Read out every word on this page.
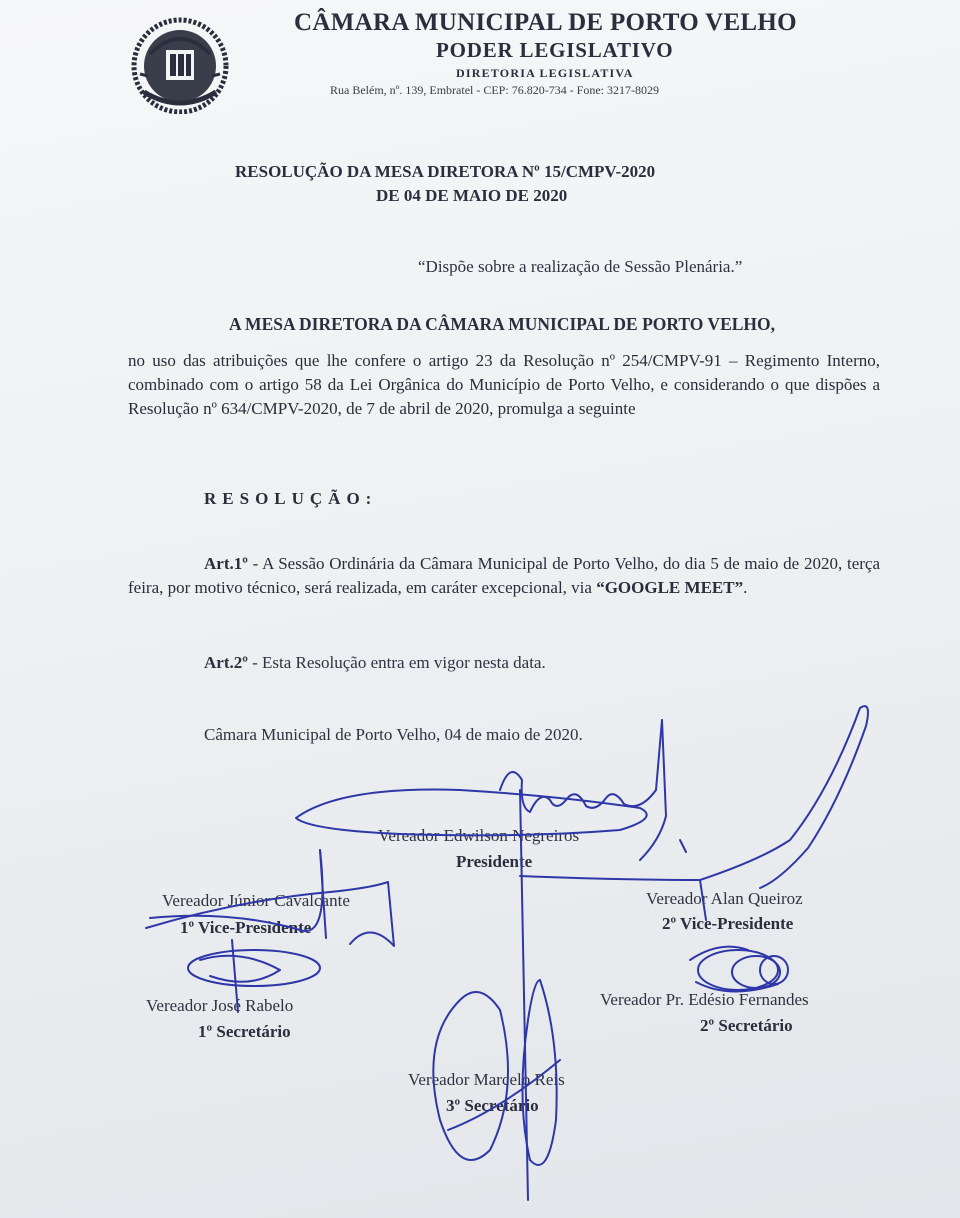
CÂMARA MUNICIPAL DE PORTO VELHO
PODER LEGISLATIVO
DIRETORIA LEGISLATIVA
Rua Belém, nº. 139, Embratel - CEP: 76.820-734 - Fone: 3217-8029
RESOLUÇÃO DA MESA DIRETORA Nº 15/CMPV-2020
DE 04 DE MAIO DE 2020
“Dispõe sobre a realização de Sessão Plenária.”
A MESA DIRETORA DA CÂMARA MUNICIPAL DE PORTO VELHO,
no uso das atribuições que lhe confere o artigo 23 da Resolução nº 254/CMPV-91 – Regimento Interno, combinado com o artigo 58 da Lei Orgânica do Município de Porto Velho, e considerando o que dispões a Resolução nº 634/CMPV-2020, de 7 de abril de 2020, promulga a seguinte
RESOLUÇÃO:
Art.1º - A Sessão Ordinária da Câmara Municipal de Porto Velho, do dia 5 de maio de 2020, terça feira, por motivo técnico, será realizada, em caráter excepcional, via “GOOGLE MEET”.
Art.2º - Esta Resolução entra em vigor nesta data.
Câmara Municipal de Porto Velho, 04 de maio de 2020.
Vereador Edwilson Negreiros
Presidente
Vereador Júnior Cavalcante
1º Vice-Presidente
Vereador Alan Queiroz
2º Vice-Presidente
Vereador José Rabelo
1º Secretário
Vereador Pr. Edésio Fernandes
2º Secretário
Vereador Marcelo Reis
3º Secretário
